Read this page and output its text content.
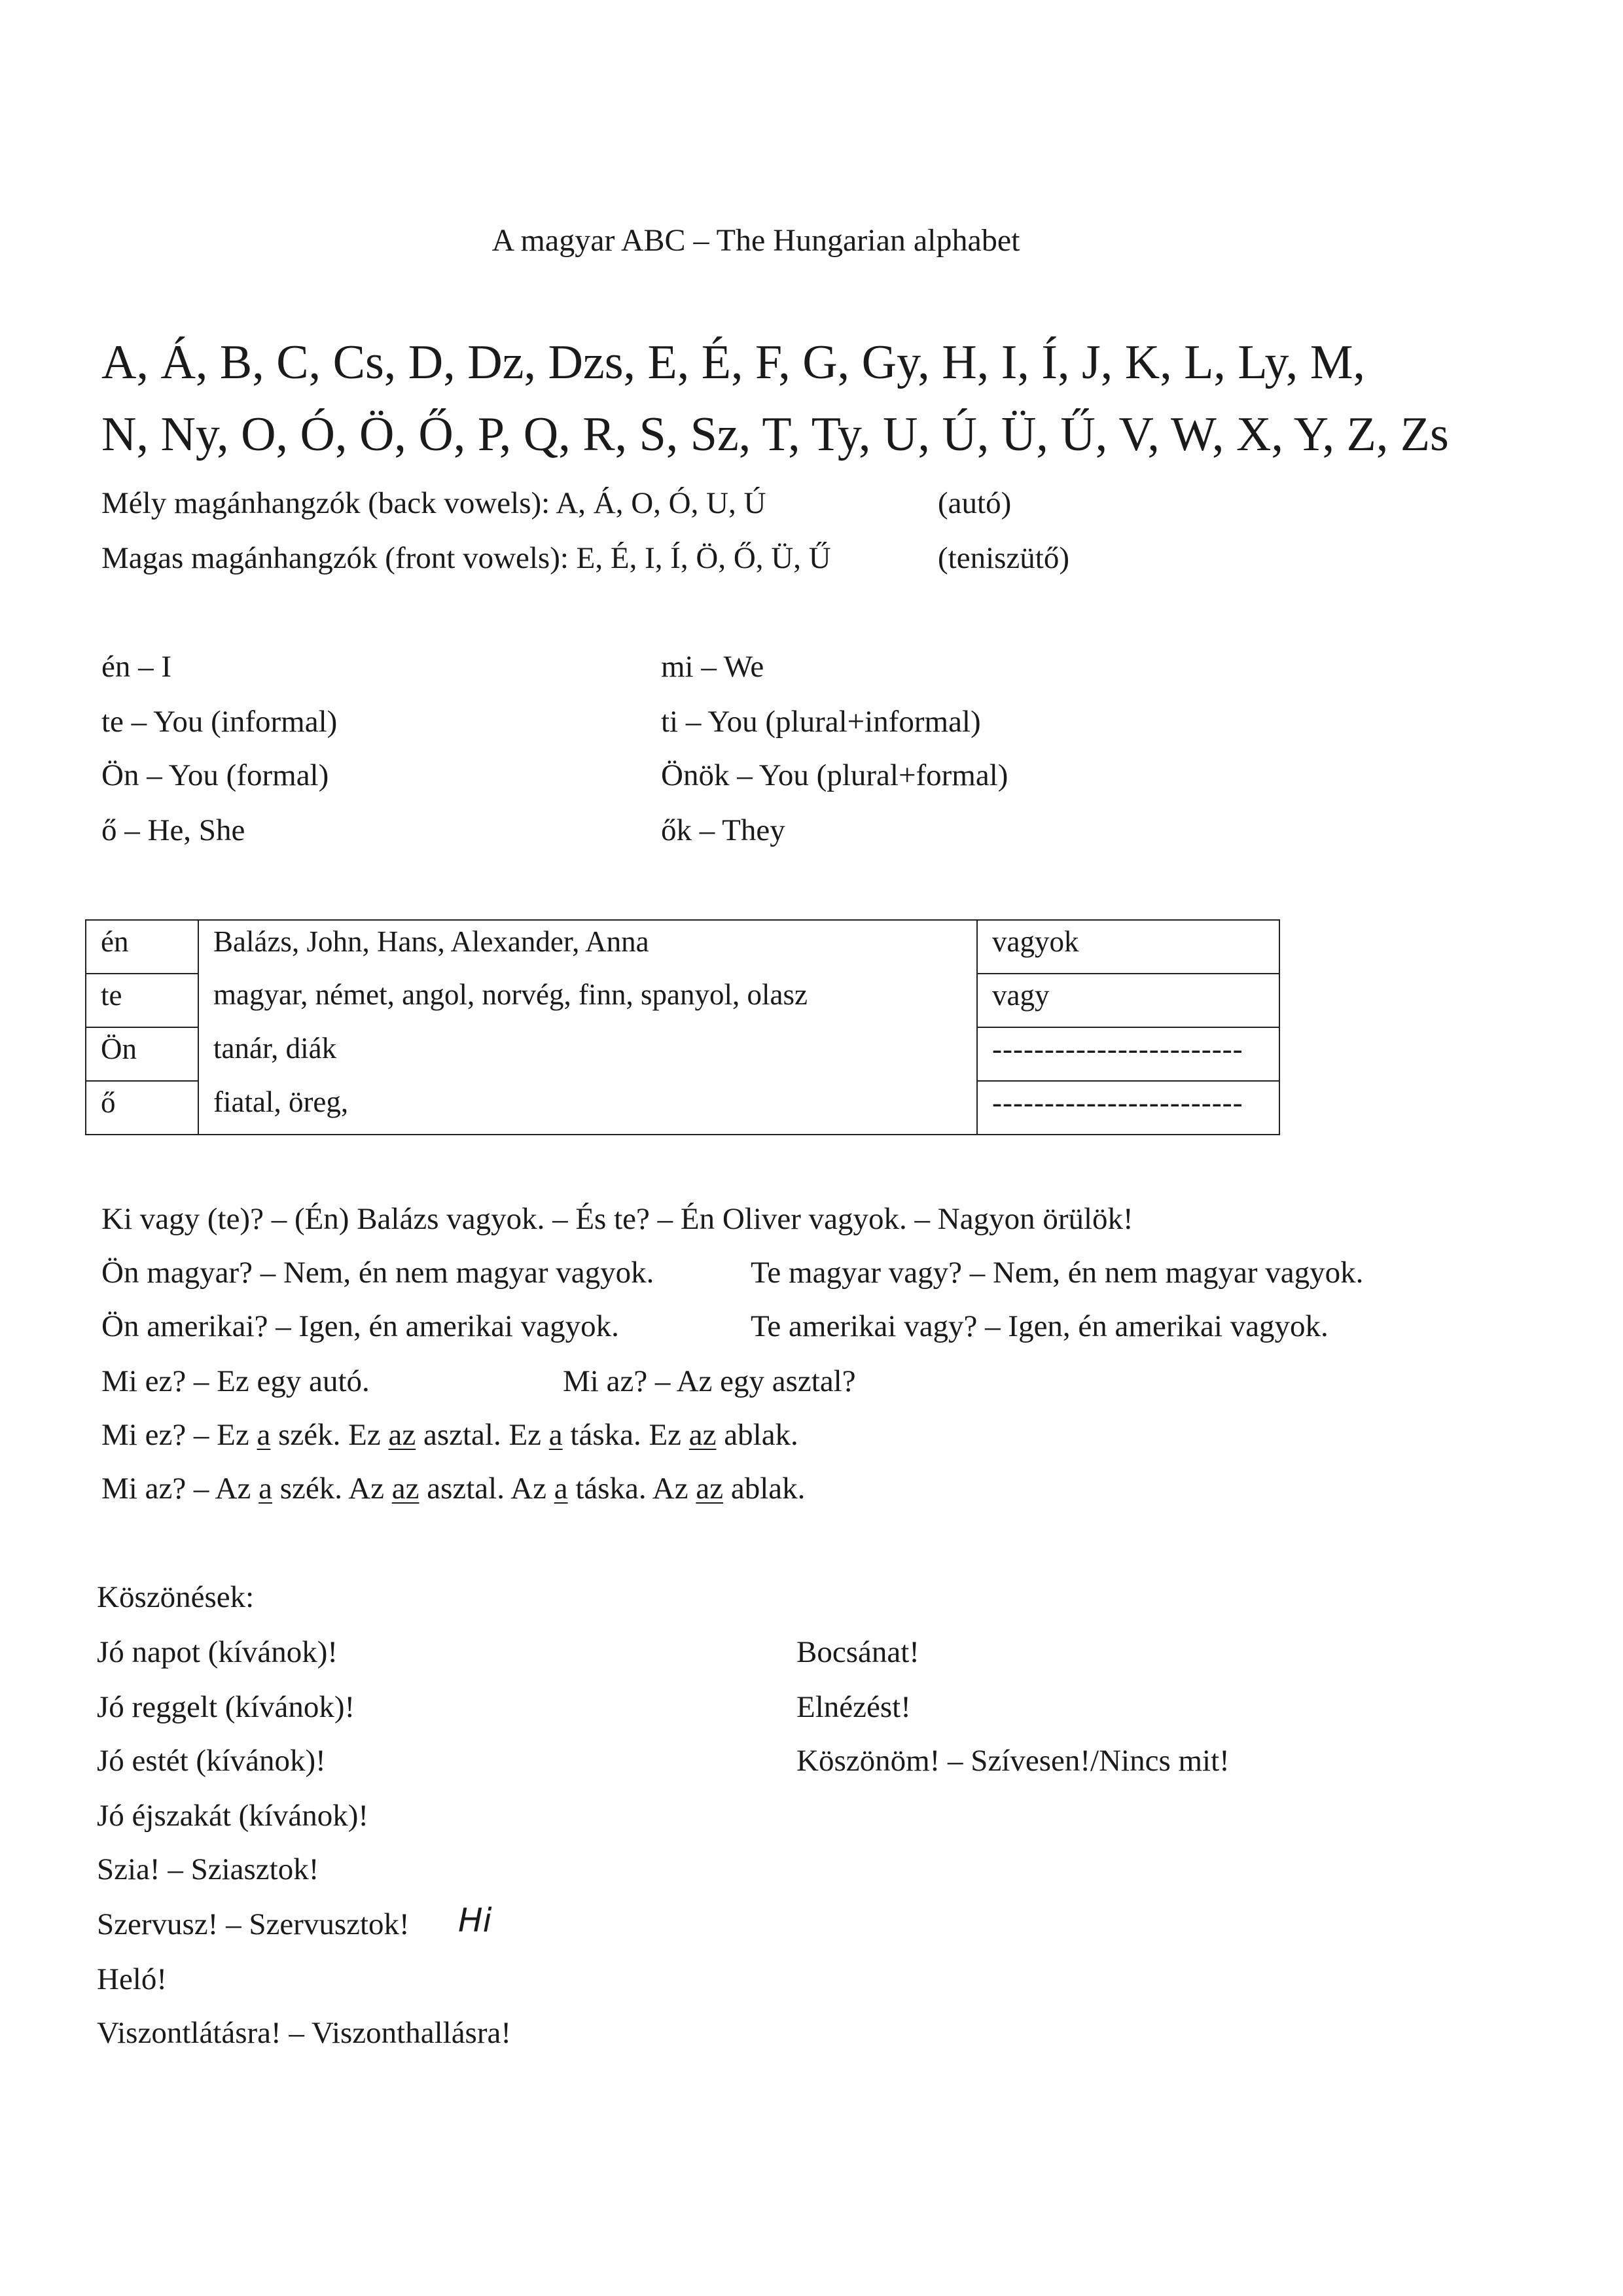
A magyar ABC – The Hungarian alphabet
A, Á, B, C, Cs, D, Dz, Dzs, E, É, F, G, Gy, H, I, Í, J, K, L, Ly, M,
N, Ny, O, Ó, Ö, Ő, P, Q, R, S, Sz, T, Ty, U, Ú, Ü, Ű, V, W, X, Y, Z, Zs
Mély magánhangzók (back vowels): A, Á, O, Ó, U, Ú	(autó)
Magas magánhangzók (front vowels): E, É, I, Í, Ö, Ő, Ü, Ű	(teniszütő)
én – I
te – You (informal)
Ön – You (formal)
ő – He, She
mi – We
ti – You (plural+informal)
Önök – You (plural+formal)
ők – They
én	Balázs, John, Hans, Alexander, Anna	vagyok
te	magyar, német, angol, norvég, finn, spanyol, olasz	vagy
Ön	tanár, diák	------------------------
ő	fiatal, öreg,	------------------------
Ki vagy (te)? – (Én) Balázs vagyok. – És te? – Én Oliver vagyok. – Nagyon örülök!
Ön magyar? – Nem, én nem magyar vagyok.	Te magyar vagy? – Nem, én nem magyar vagyok.
Ön amerikai? – Igen, én amerikai vagyok.	Te amerikai vagy? – Igen, én amerikai vagyok.
Mi ez? – Ez egy autó.	Mi az? – Az egy asztal?
Mi ez? – Ez a szék. Ez az asztal. Ez a táska. Ez az ablak.
Mi az? – Az a szék. Az az asztal. Az a táska. Az az ablak.
Köszönések:
Jó napot (kívánok)!
Jó reggelt (kívánok)!
Jó estét (kívánok)!
Jó éjszakát (kívánok)!
Szia! – Sziasztok!
Szervusz! – Szervusztok! Hi
Heló!
Viszontlátásra! – Viszonthallásra!
Bocsánat!
Elnézést!
Köszönöm! – Szívesen!/Nincs mit!
